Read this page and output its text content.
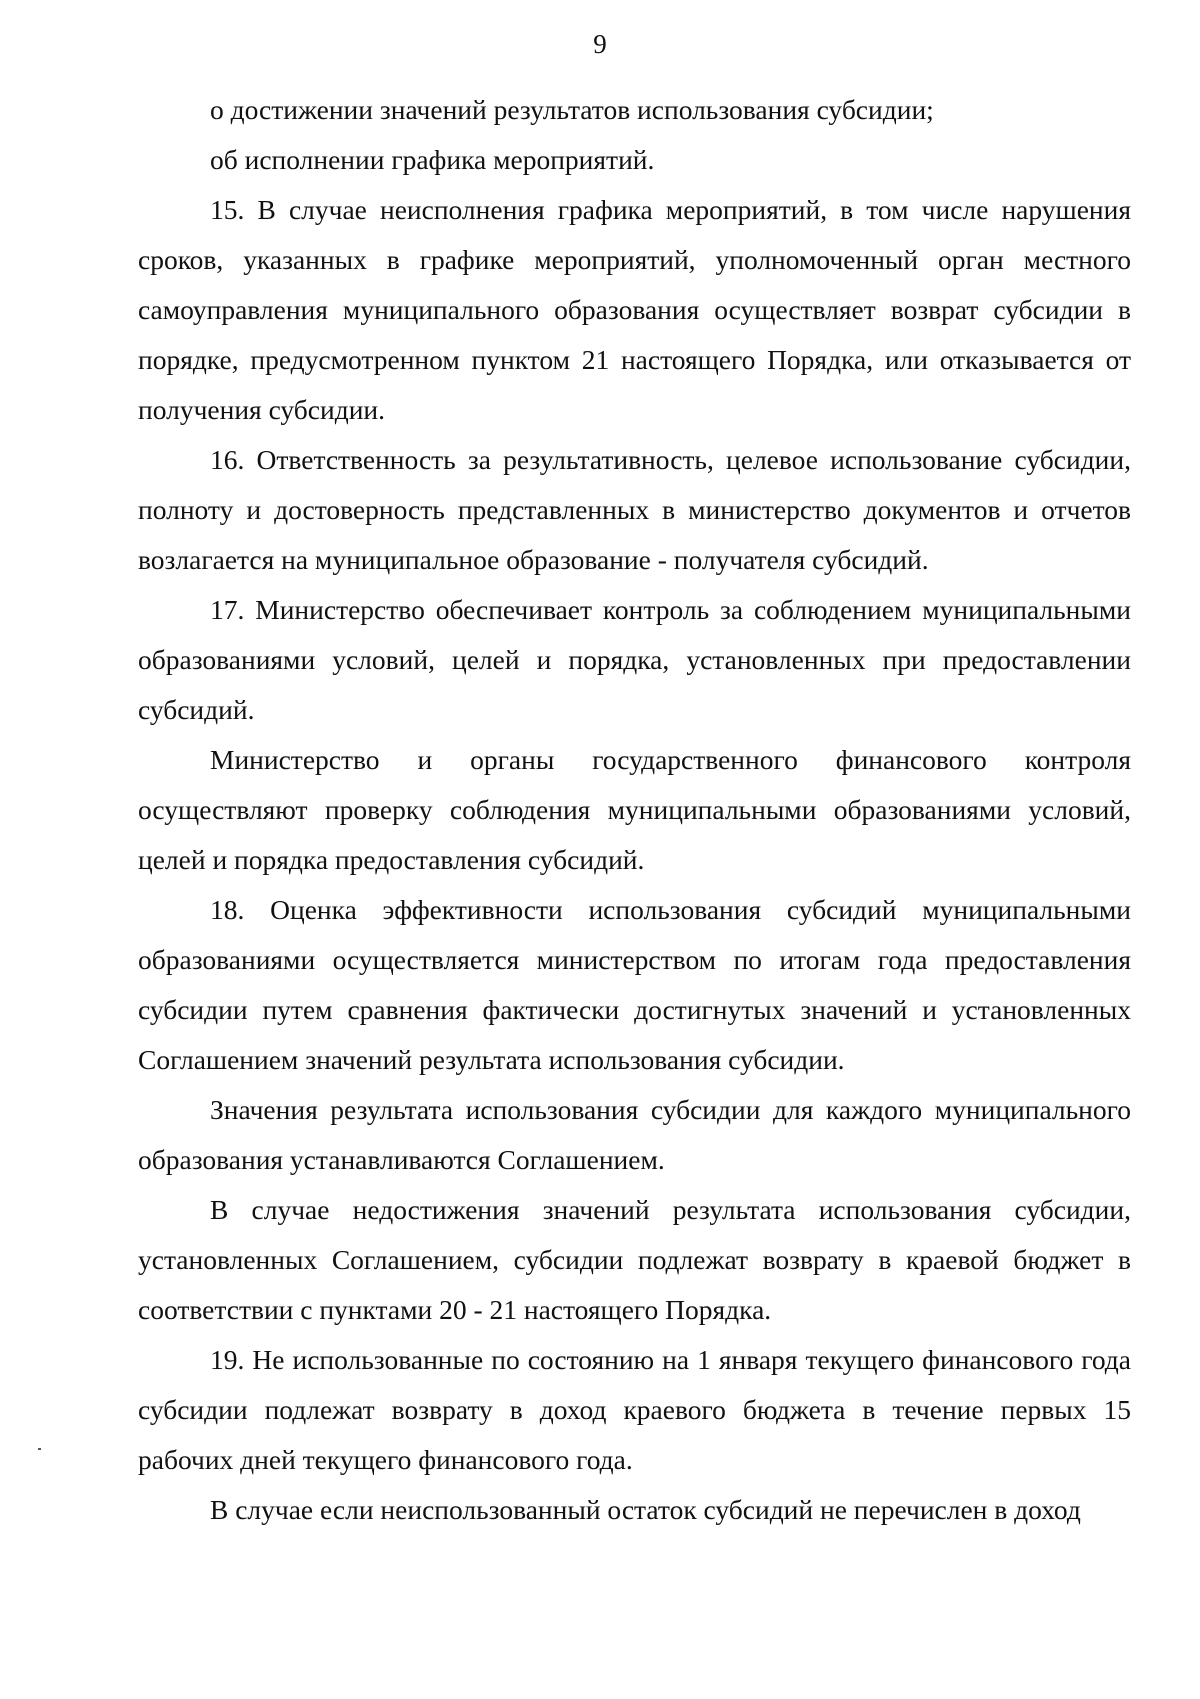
9

о достижении значений результатов использования субсидии;

об исполнении графика мероприятий.

15. В случае неисполнения графика мероприятий, в том числе нарушения сроков, указанных в графике мероприятий, уполномоченный орган местного самоуправления муниципального образования осуществляет возврат субсидии в порядке, предусмотренном пунктом 21 настоящего Порядка, или отказывается от получения субсидии.

16. Ответственность за результативность, целевое использование субсидии, полноту и достоверность представленных в министерство документов и отчетов возлагается на муниципальное образование - получателя субсидий.

17. Министерство обеспечивает контроль за соблюдением муниципальными образованиями условий, целей и порядка, установленных при предоставлении субсидий.

Министерство и органы государственного финансового контроля осуществляют проверку соблюдения муниципальными образованиями условий, целей и порядка предоставления субсидий.

18. Оценка эффективности использования субсидий муниципальными образованиями осуществляется министерством по итогам года предоставления субсидии путем сравнения фактически достигнутых значений и установленных Соглашением значений результата использования субсидии.

Значения результата использования субсидии для каждого муниципального образования устанавливаются Соглашением.

В случае недостижения значений результата использования субсидии, установленных Соглашением, субсидии подлежат возврату в краевой бюджет в соответствии с пунктами 20 - 21 настоящего Порядка.

19. Не использованные по состоянию на 1 января текущего финансового года субсидии подлежат возврату в доход краевого бюджета в течение первых 15 рабочих дней текущего финансового года.

В случае если неиспользованный остаток субсидий не перечислен в доход
